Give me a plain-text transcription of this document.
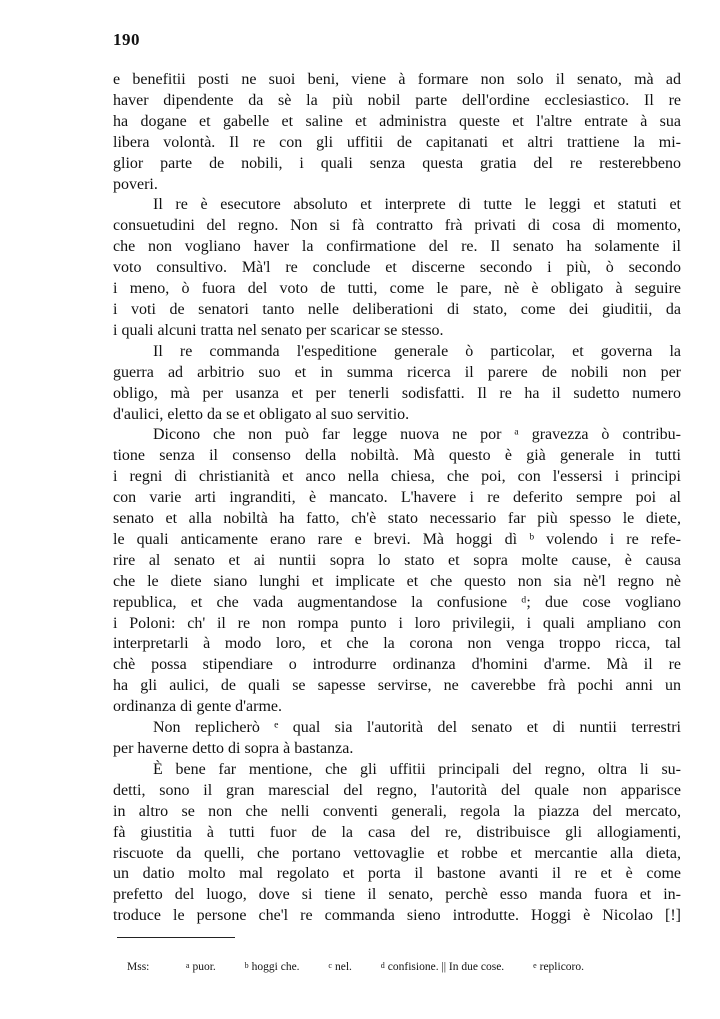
190
e benefitii posti ne suoi beni, viene à formare non solo il senato, mà ad
haver dipendente da sè la più nobil parte dell'ordine ecclesiastico. Il re
ha dogane et gabelle et saline et administra queste et l'altre entrate à sua
libera volontà. Il re con gli uffitii de capitanati et altri trattiene la mi-
glior parte de nobili, i quali senza questa gratia del re resterebbeno
poveri.
Il re è esecutore absoluto et interprete di tutte le leggi et statuti et
consuetudini del regno. Non si fà contratto frà privati di cosa di momento,
che non vogliano haver la confirmatione del re. Il senato ha solamente il
voto consultivo. Mà'l re conclude et discerne secondo i più, ò secondo
i meno, ò fuora del voto de tutti, come le pare, nè è obligato à seguire
i voti de senatori tanto nelle deliberationi di stato, come dei giuditii, da
i quali alcuni tratta nel senato per scaricar se stesso.
Il re commanda l'espeditione generale ò particolar, et governa la
guerra ad arbitrio suo et in summa ricerca il parere de nobili non per
obligo, mà per usanza et per tenerli sodisfatti. Il re ha il sudetto numero
d'aulici, eletto da se et obligato al suo servitio.
Dicono che non può far legge nuova ne por ᵃ gravezza ò contribu-
tione senza il consenso della nobiltà. Mà questo è già generale in tutti
i regni di christianità et anco nella chiesa, che poi, con l'essersi i principi
con varie arti ingranditi, è mancato. L'havere i re deferito sempre poi al
senato et alla nobiltà ha fatto, ch'è stato necessario far più spesso le diete,
le quali anticamente erano rare e brevi. Mà hoggi dì ᵇ volendo i re refe-
rire al senato et ai nuntii sopra lo stato et sopra molte cause, è causa
che le diete siano lunghi et implicate et che questo non sia nè'l regno nè
republica, et che vada augmentandose la confusione ᵈ; due cose vogliano
i Poloni: ch' il re non rompa punto i loro privilegii, i quali ampliano con
interpretarli à modo loro, et che la corona non venga troppo ricca, tal
chè possa stipendiare o introdurre ordinanza d'homini d'arme. Mà il re
ha gli aulici, de quali se sapesse servirse, ne caverebbe frà pochi anni un
ordinanza di gente d'arme.
Non replicherò ᵉ qual sia l'autorità del senato et di nuntii terrestri
per haverne detto di sopra à bastanza.
È bene far mentione, che gli uffitii principali del regno, oltra li su-
detti, sono il gran marescial del regno, l'autorità del quale non apparisce
in altro se non che nelli conventi generali, regola la piazza del mercato,
fà giustitia à tutti fuor de la casa del re, distribuisce gli allogiamenti,
riscuote da quelli, che portano vettovaglie et robbe et mercantie alla dieta,
un datio molto mal regolato et porta il bastone avanti il re et è come
prefetto del luogo, dove si tiene il senato, perchè esso manda fuora et in-
troduce le persone che'l re commanda sieno introdutte. Hoggi è Nicolao [!]
Mss:	$^a$ puor.	$^b$ hoggi che.	$^c$ nel.	$^d$ confisione. || In due cose.	$^e$ replicoro.
